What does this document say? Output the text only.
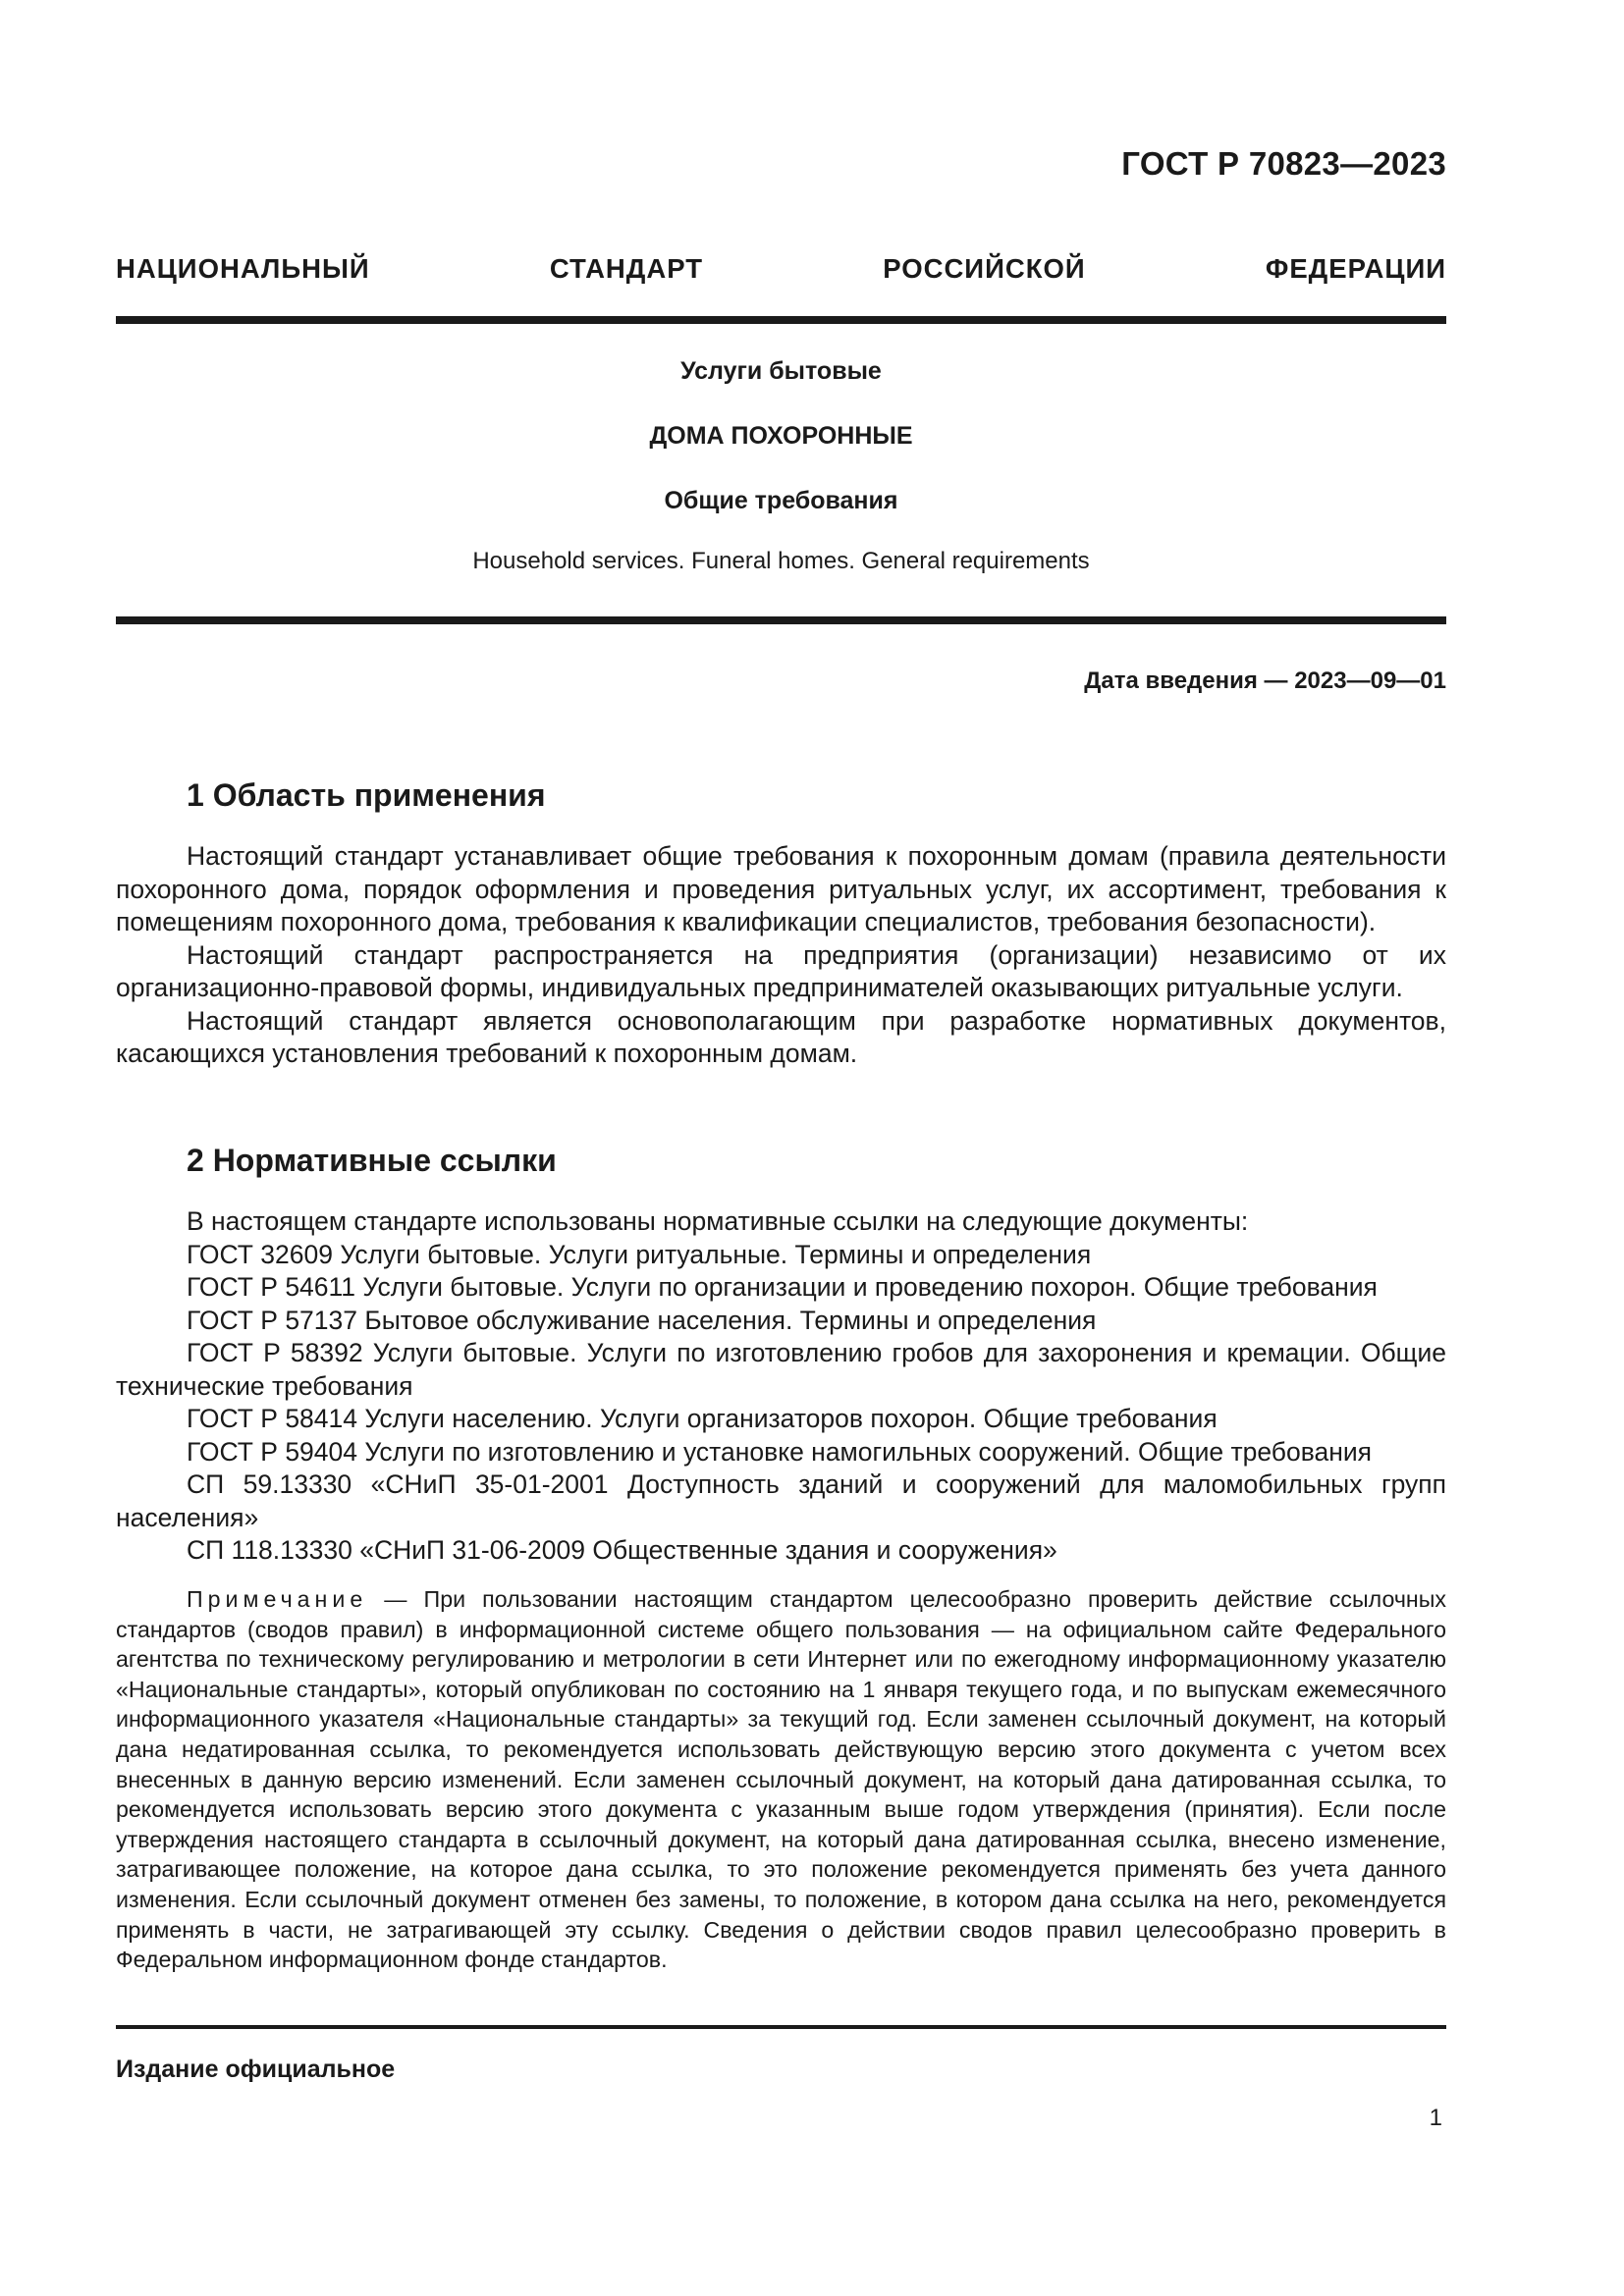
ГОСТ Р 70823—2023
НАЦИОНАЛЬНЫЙ СТАНДАРТ РОССИЙСКОЙ ФЕДЕРАЦИИ
Услуги бытовые
ДОМА ПОХОРОННЫЕ
Общие требования
Household services. Funeral homes. General requirements
Дата введения — 2023—09—01
1 Область применения

Настоящий стандарт устанавливает общие требования к похоронным домам (правила деятельности похоронного дома, порядок оформления и проведения ритуальных услуг, их ассортимент, требования к помещениям похоронного дома, требования к квалификации специалистов, требования безопасности).

Настоящий стандарт распространяется на предприятия (организации) независимо от их организационно-правовой формы, индивидуальных предпринимателей оказывающих ритуальные услуги.

Настоящий стандарт является основополагающим при разработке нормативных документов, касающихся установления требований к похоронным домам.

2 Нормативные ссылки

В настоящем стандарте использованы нормативные ссылки на следующие документы:

ГОСТ 32609 Услуги бытовые. Услуги ритуальные. Термины и определения

ГОСТ Р 54611 Услуги бытовые. Услуги по организации и проведению похорон. Общие требования

ГОСТ Р 57137 Бытовое обслуживание населения. Термины и определения

ГОСТ Р 58392 Услуги бытовые. Услуги по изготовлению гробов для захоронения и кремации. Общие технические требования

ГОСТ Р 58414 Услуги населению. Услуги организаторов похорон. Общие требования

ГОСТ Р 59404 Услуги по изготовлению и установке намогильных сооружений. Общие требования

СП 59.13330 «СНиП 35-01-2001 Доступность зданий и сооружений для маломобильных групп населения»

СП 118.13330 «СНиП 31-06-2009 Общественные здания и сооружения»

Примечание — При пользовании настоящим стандартом целесообразно проверить действие ссылочных стандартов (сводов правил) в информационной системе общего пользования — на официальном сайте Федерального агентства по техническому регулированию и метрологии в сети Интернет или по ежегодному информационному указателю «Национальные стандарты», который опубликован по состоянию на 1 января текущего года, и по выпускам ежемесячного информационного указателя «Национальные стандарты» за текущий год. Если заменен ссылочный документ, на который дана недатированная ссылка, то рекомендуется использовать действующую версию этого документа с учетом всех внесенных в данную версию изменений. Если заменен ссылочный документ, на который дана датированная ссылка, то рекомендуется использовать версию этого документа с указанным выше годом утверждения (принятия). Если после утверждения настоящего стандарта в ссылочный документ, на который дана датированная ссылка, внесено изменение, затрагивающее положение, на которое дана ссылка, то это положение рекомендуется применять без учета данного изменения. Если ссылочный документ отменен без замены, то положение, в котором дана ссылка на него, рекомендуется применять в части, не затрагивающей эту ссылку. Сведения о действии сводов правил целесообразно проверить в Федеральном информационном фонде стандартов.

Издание официальное
1
